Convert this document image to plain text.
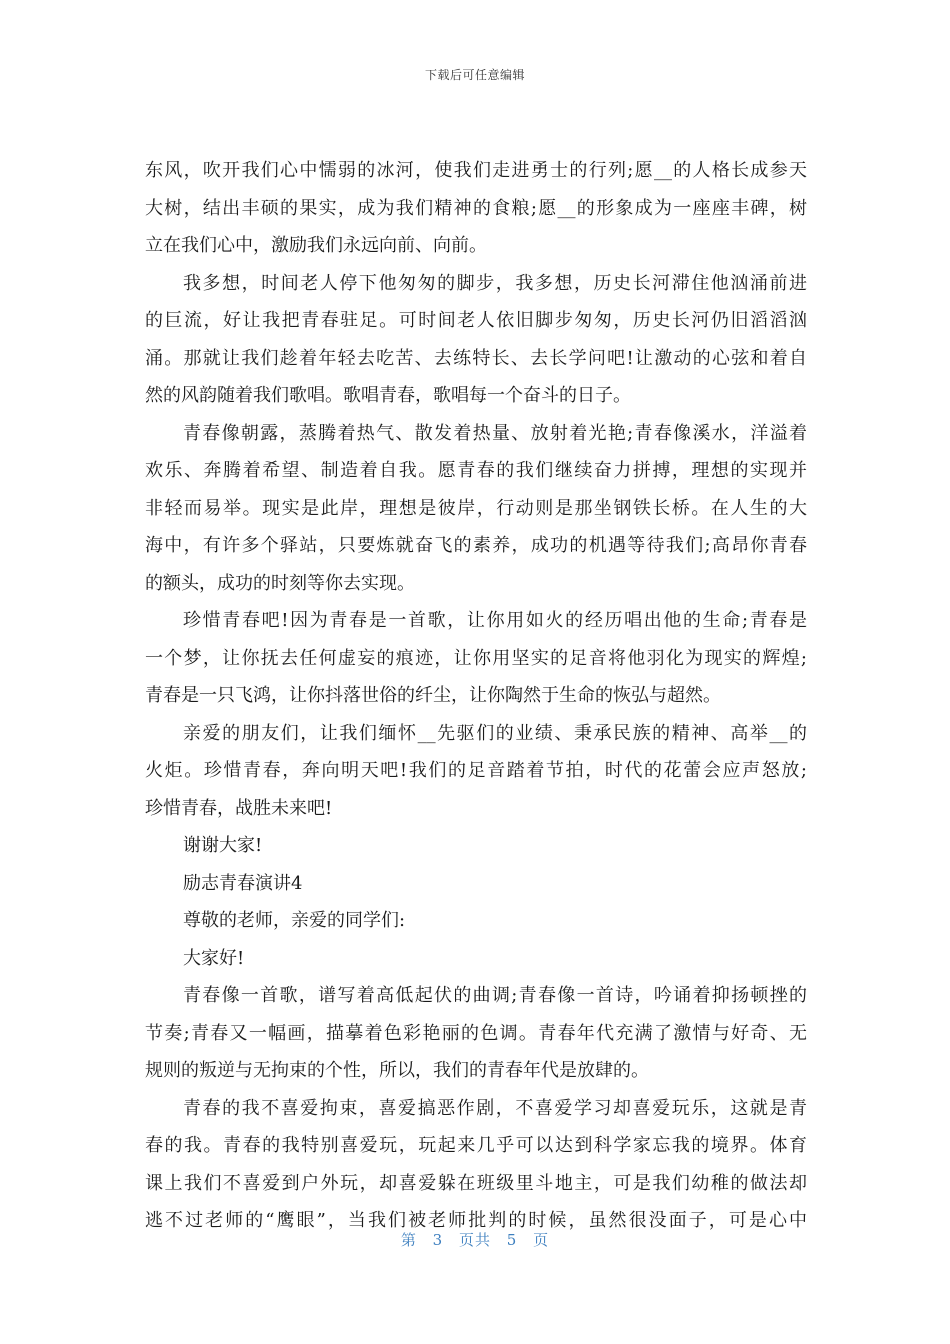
下载后可任意编辑
东风，吹开我们心中懦弱的冰河，使我们走进勇士的行列;愿__的人格长成参天
大树，结出丰硕的果实，成为我们精神的食粮;愿__的形象成为一座座丰碑，树
立在我们心中，激励我们永远向前、向前。
我多想，时间老人停下他匆匆的脚步，我多想，历史长河滞住他汹涌前进
的巨流，好让我把青春驻足。可时间老人依旧脚步匆匆，历史长河仍旧滔滔汹
涌。那就让我们趁着年轻去吃苦、去练特长、去长学问吧!让激动的心弦和着自
然的风韵随着我们歌唱。歌唱青春，歌唱每一个奋斗的日子。
青春像朝露，蒸腾着热气、散发着热量、放射着光艳;青春像溪水，洋溢着
欢乐、奔腾着希望、制造着自我。愿青春的我们继续奋力拼搏，理想的实现并
非轻而易举。现实是此岸，理想是彼岸，行动则是那坐钢铁长桥。在人生的大
海中，有许多个驿站，只要炼就奋飞的素养，成功的机遇等待我们;高昂你青春
的额头，成功的时刻等你去实现。
珍惜青春吧!因为青春是一首歌，让你用如火的经历唱出他的生命;青春是
一个梦，让你抚去任何虚妄的痕迹，让你用坚实的足音将他羽化为现实的辉煌;
青春是一只飞鸿，让你抖落世俗的纤尘，让你陶然于生命的恢弘与超然。
亲爱的朋友们，让我们缅怀__先驱们的业绩、秉承民族的精神、高举__的
火炬。珍惜青春，奔向明天吧!我们的足音踏着节拍，时代的花蕾会应声怒放;
珍惜青春，战胜未来吧!
谢谢大家!
励志青春演讲4
尊敬的老师，亲爱的同学们:
大家好!
青春像一首歌，谱写着高低起伏的曲调;青春像一首诗，吟诵着抑扬顿挫的
节奏;青春又一幅画，描摹着色彩艳丽的色调。青春年代充满了激情与好奇、无
规则的叛逆与无拘束的个性，所以，我们的青春年代是放肆的。
青春的我不喜爱拘束，喜爱搞恶作剧，不喜爱学习却喜爱玩乐，这就是青
春的我。青春的我特别喜爱玩，玩起来几乎可以达到科学家忘我的境界。体育
课上我们不喜爱到户外玩，却喜爱躲在班级里斗地主，可是我们幼稚的做法却
逃不过老师的“鹰眼”，当我们被老师批判的时候，虽然很没面子，可是心中
第 3 页共 5 页
